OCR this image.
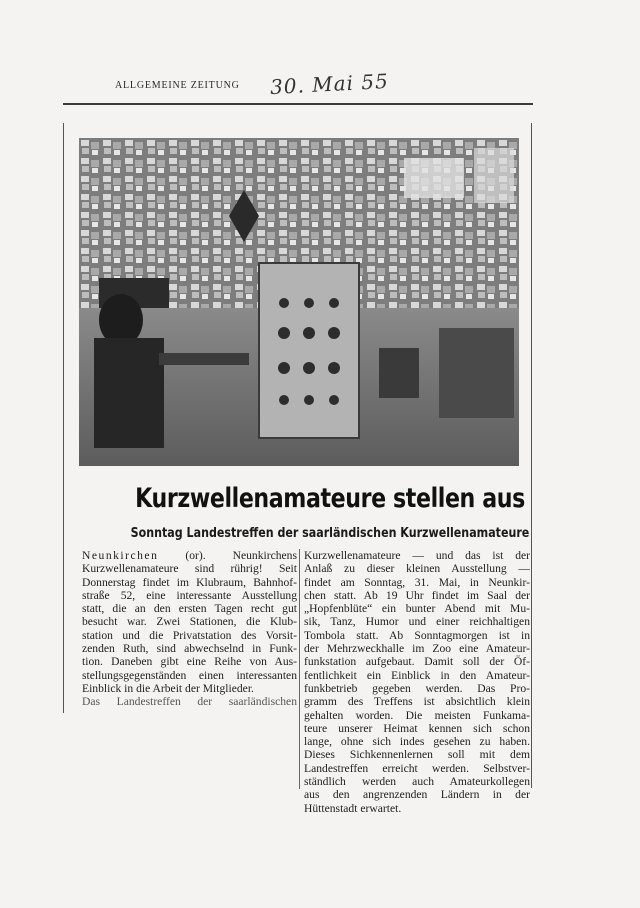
ALLGEMEINE ZEITUNG 30. Mai 55
Kurzwellenamateure stellen aus
Sonntag Landestreffen der saarländischen Kurzwellenamateure
Neunkirchen (or). Neunkirchens
Kurzwellenamateure sind rührig! Seit
Donnerstag findet im Klubraum, Bahnhof-
straße 52, eine interessante Ausstellung
statt, die an den ersten Tagen recht gut
besucht war. Zwei Stationen, die Klub-
station und die Privatstation des Vorsit-
zenden Ruth, sind abwechselnd in Funk-
tion. Daneben gibt eine Reihe von Aus-
stellungsgegenständen einen interessanten
Einblick in die Arbeit der Mitglieder.
Das Landestreffen der saarländischen
Kurzwellenamateure — und das ist der
Anlaß zu dieser kleinen Ausstellung —
findet am Sonntag, 31. Mai, in Neunkir-
chen statt. Ab 19 Uhr findet im Saal der
„Hopfenblüte“ ein bunter Abend mit Mu-
sik, Tanz, Humor und einer reichhaltigen
Tombola statt. Ab Sonntagmorgen ist in
der Mehrzweckhalle im Zoo eine Amateur-
funkstation aufgebaut. Damit soll der Öf-
fentlichkeit ein Einblick in den Amateur-
funkbetrieb gegeben werden. Das Pro-
gramm des Treffens ist absichtlich klein
gehalten worden. Die meisten Funkama-
teure unserer Heimat kennen sich schon
lange, ohne sich indes gesehen zu haben.
Dieses Sichkennenlernen soll mit dem
Landestreffen erreicht werden. Selbstver-
ständlich werden auch Amateurkollegen
aus den angrenzenden Ländern in der
Hüttenstadt erwartet.
